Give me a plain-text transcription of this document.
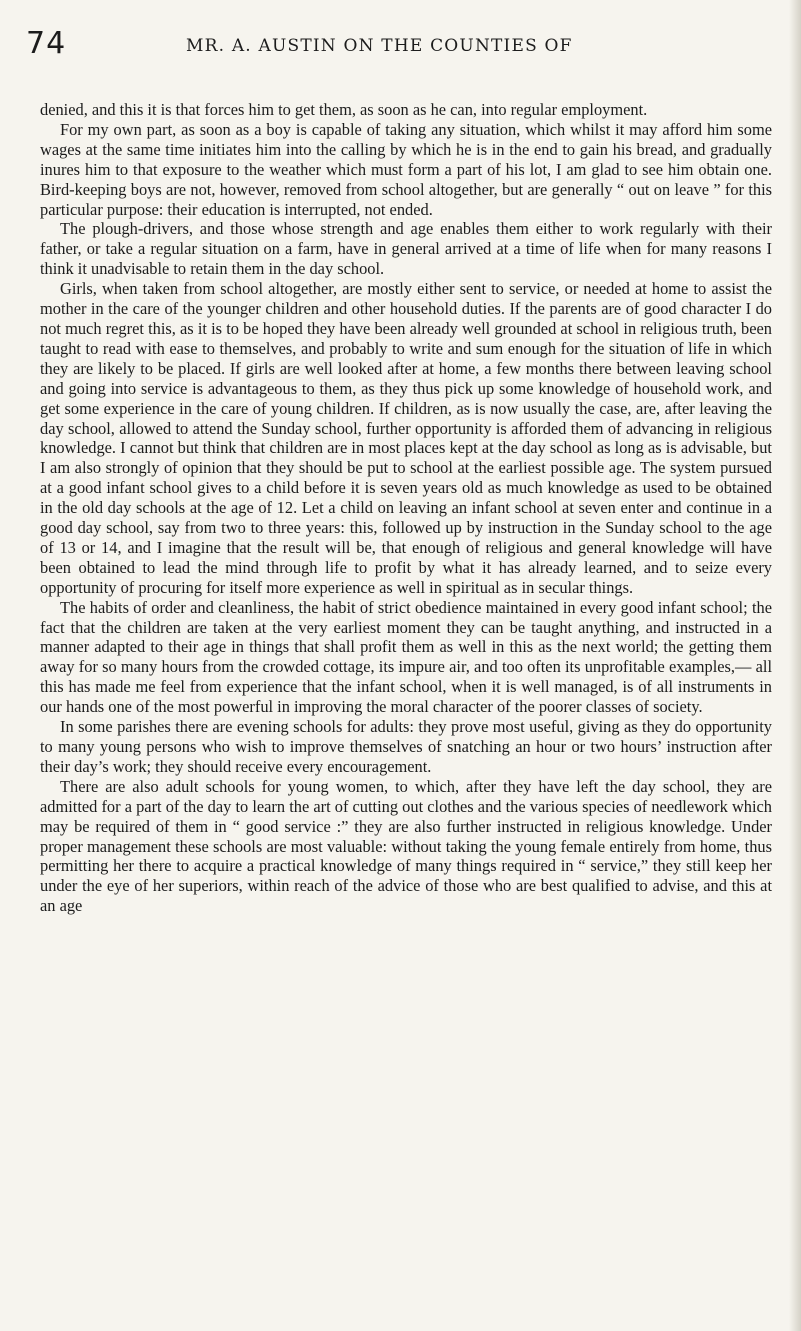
74	MR. A. AUSTIN ON THE COUNTIES OF

denied, and this it is that forces him to get them, as soon as he can, into regular employment.

For my own part, as soon as a boy is capable of taking any situation, which whilst it may afford him some wages at the same time initiates him into the calling by which he is in the end to gain his bread, and gradually inures him to that exposure to the weather which must form a part of his lot, I am glad to see him obtain one. Bird-keeping boys are not, however, removed from school altogether, but are generally “ out on leave ” for this particular purpose: their education is interrupted, not ended.

The plough-drivers, and those whose strength and age enables them either to work regularly with their father, or take a regular situation on a farm, have in general arrived at a time of life when for many reasons I think it unadvisable to retain them in the day school.

Girls, when taken from school altogether, are mostly either sent to service, or needed at home to assist the mother in the care of the younger children and other household duties. If the parents are of good character I do not much regret this, as it is to be hoped they have been already well grounded at school in religious truth, been taught to read with ease to themselves, and probably to write and sum enough for the situation of life in which they are likely to be placed. If girls are well looked after at home, a few months there between leaving school and going into service is advantageous to them, as they thus pick up some knowledge of household work, and get some experience in the care of young children. If children, as is now usually the case, are, after leaving the day school, allowed to attend the Sunday school, further opportunity is afforded them of advancing in religious knowledge. I cannot but think that children are in most places kept at the day school as long as is advisable, but I am also strongly of opinion that they should be put to school at the earliest possible age. The system pursued at a good infant school gives to a child before it is seven years old as much knowledge as used to be obtained in the old day schools at the age of 12. Let a child on leaving an infant school at seven enter and continue in a good day school, say from two to three years: this, followed up by instruction in the Sunday school to the age of 13 or 14, and I imagine that the result will be, that enough of religious and general knowledge will have been obtained to lead the mind through life to profit by what it has already learned, and to seize every opportunity of procuring for itself more experience as well in spiritual as in secular things.

The habits of order and cleanliness, the habit of strict obedience maintained in every good infant school; the fact that the children are taken at the very earliest moment they can be taught anything, and instructed in a manner adapted to their age in things that shall profit them as well in this as the next world; the getting them away for so many hours from the crowded cottage, its impure air, and too often its unprofitable examples,— all this has made me feel from experience that the infant school, when it is well managed, is of all instruments in our hands one of the most powerful in improving the moral character of the poorer classes of society.

In some parishes there are evening schools for adults: they prove most useful, giving as they do opportunity to many young persons who wish to improve themselves of snatching an hour or two hours’ instruction after their day’s work; they should receive every encouragement.

There are also adult schools for young women, to which, after they have left the day school, they are admitted for a part of the day to learn the art of cutting out clothes and the various species of needlework which may be required of them in “ good service :” they are also further instructed in religious knowledge. Under proper management these schools are most valuable: without taking the young female entirely from home, thus permitting her there to acquire a practical knowledge of many things required in “ service,” they still keep her under the eye of her superiors, within reach of the advice of those who are best qualified to advise, and this at an age
